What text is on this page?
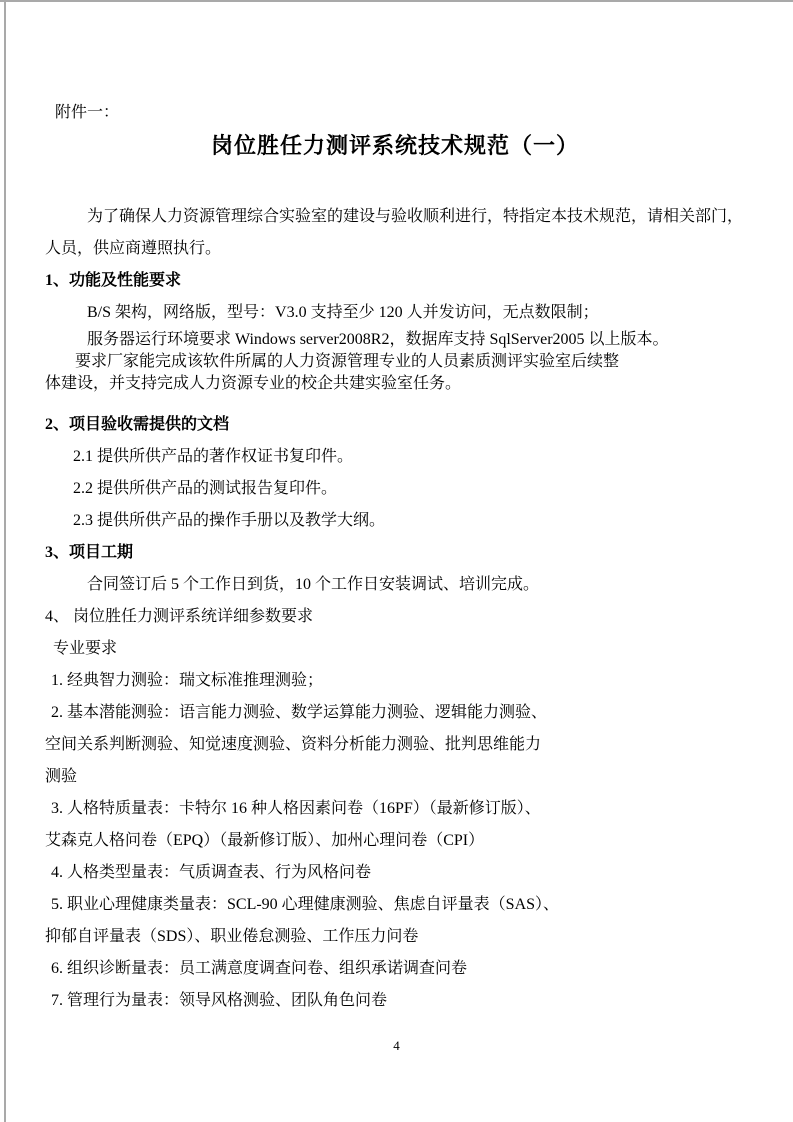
附件一：

岗位胜任力测评系统技术规范（一）

为了确保人力资源管理综合实验室的建设与验收顺利进行，特指定本技术规范，请相关部门，

人员，供应商遵照执行。

1、功能及性能要求

B/S 架构，网络版，型号：V3.0 支持至少 120 人并发访问，无点数限制；

服务器运行环境要求 Windows server2008R2，数据库支持 SqlServer2005 以上版本。

要求厂家能完成该软件所属的人力资源管理专业的人员素质测评实验室后续整

体建设，并支持完成人力资源专业的校企共建实验室任务。

2、项目验收需提供的文档

2.1 提供所供产品的著作权证书复印件。

2.2 提供所供产品的测试报告复印件。

2.3 提供所供产品的操作手册以及教学大纲。

3、项目工期

合同签订后 5 个工作日到货，10 个工作日安装调试、培训完成。

4、 岗位胜任力测评系统详细参数要求

专业要求

1. 经典智力测验：瑞文标准推理测验；

2. 基本潜能测验：语言能力测验、数学运算能力测验、逻辑能力测验、

空间关系判断测验、知觉速度测验、资料分析能力测验、批判思维能力

测验

3. 人格特质量表：卡特尔 16 种人格因素问卷（16PF）（最新修订版）、

艾森克人格问卷（EPQ）（最新修订版）、加州心理问卷（CPI）

4. 人格类型量表：气质调查表、行为风格问卷

5. 职业心理健康类量表：SCL-90 心理健康测验、焦虑自评量表（SAS）、

抑郁自评量表（SDS）、职业倦怠测验、工作压力问卷

6. 组织诊断量表：员工满意度调查问卷、组织承诺调查问卷

7. 管理行为量表：领导风格测验、团队角色问卷

4
